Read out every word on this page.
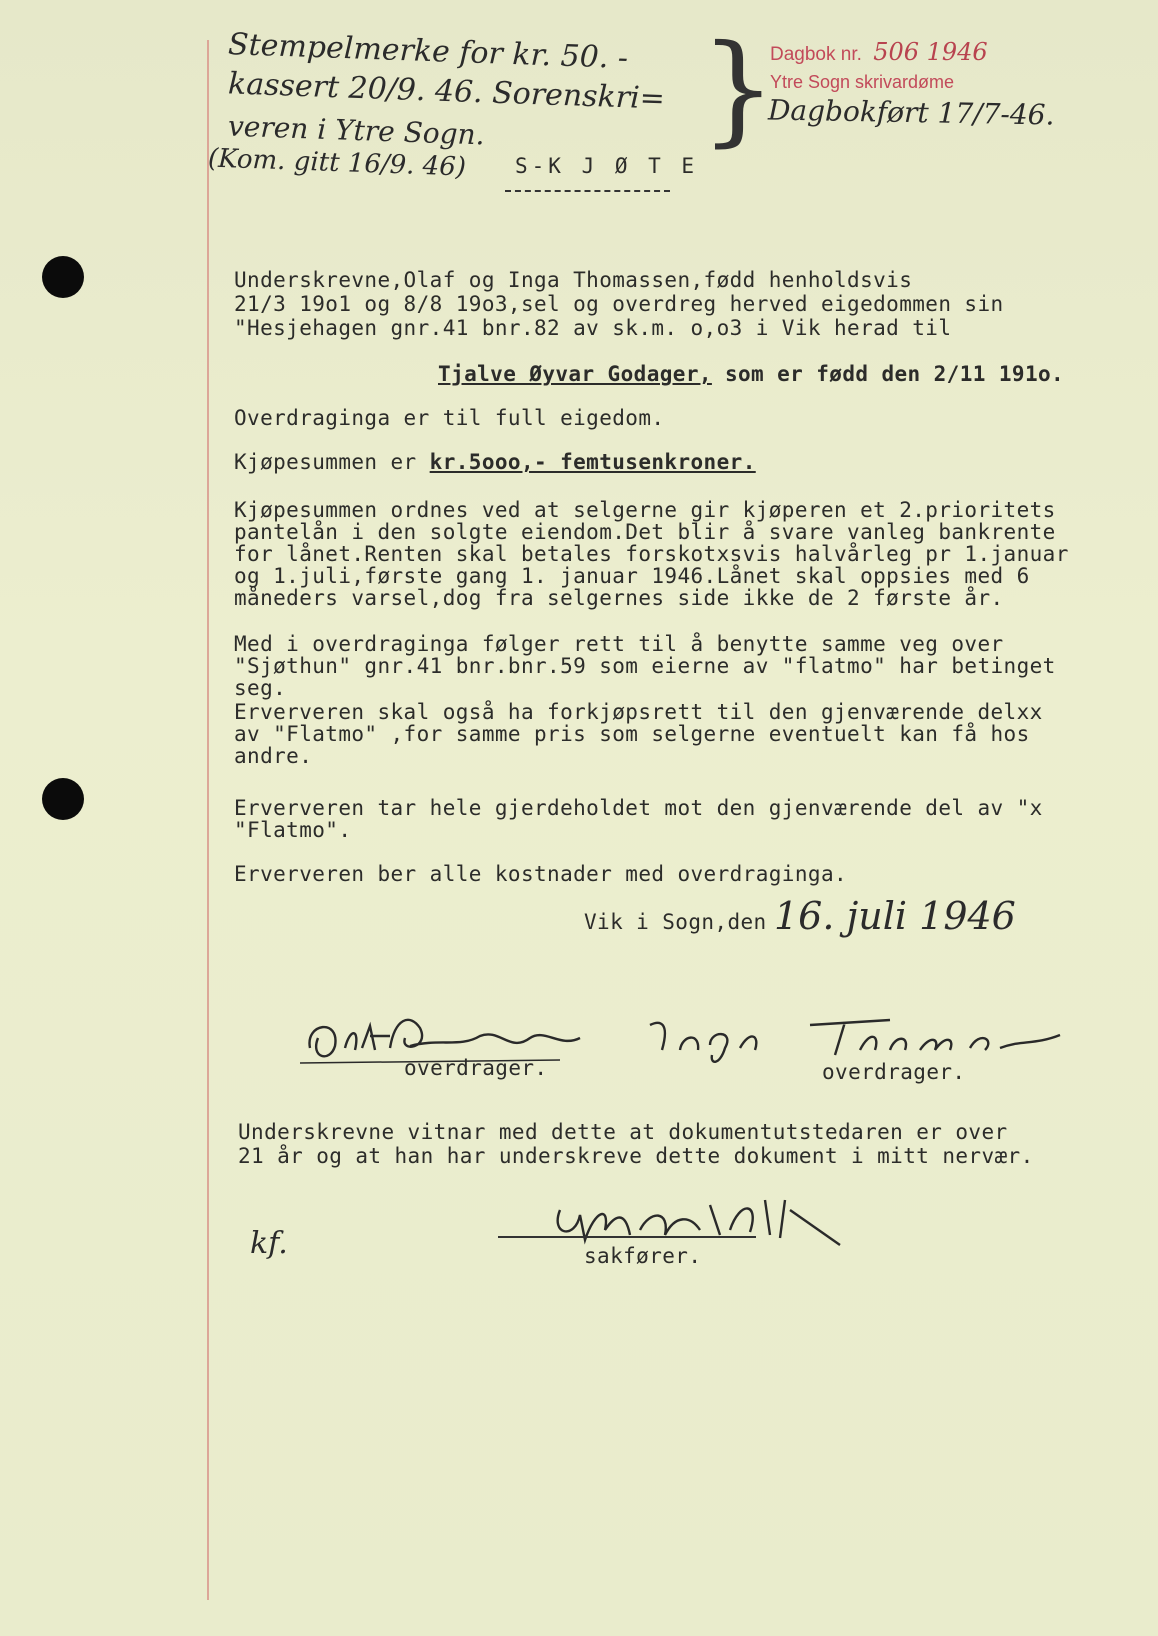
Stempelmerke for kr. 50. -
kassert 20/9. 46. Sorenskri=
veren i Ytre Sogn.
(Kom. gitt 16/9. 46)
}
Dagbok nr. 506 1946
Ytre Sogn skrivardøme
Dagbokført 17/7-46.
S-K J Ø T E
Underskrevne,Olaf og Inga Thomassen,fødd henholdsvis
21/3 19o1 og 8/8 19o3,sel og overdreg herved eigedommen sin
"Hesjehagen gnr.41 bnr.82 av sk.m. o,o3 i Vik herad til
Tjalve Øyvar Godager, som er fødd den 2/11 191o.
Overdraginga er til full eigedom.
Kjøpesummen er kr.5ooo,- femtusenkroner.
Kjøpesummen ordnes ved at selgerne gir kjøperen et 2.prioritets
pantelån i den solgte eiendom.Det blir å svare vanleg bankrente
for lånet.Renten skal betales forskotxsvis halvårleg pr 1.januar
og 1.juli,første gang 1. januar 1946.Lånet skal oppsies med 6
måneders varsel,dog fra selgernes side ikke de 2 første år.
Med i overdraginga følger rett til å benytte samme veg over
"Sjøthun" gnr.41 bnr.bnr.59 som eierne av "flatmo" har betinget
seg.
Erververen skal også ha forkjøpsrett til den gjenværende delxx
av "Flatmo" ,for samme pris som selgerne eventuelt kan få hos
andre.
Erververen tar hele gjerdeholdet mot den gjenværende del av "x
"Flatmo".
Erververen ber alle kostnader med overdraginga.
Vik i Sogn,den 16. juli 1946
overdrager.	overdrager.
Underskrevne vitnar med dette at dokumentutstedaren er over
21 år og at han har underskreve dette dokument i mitt nervær.
sakfører.
kf.
